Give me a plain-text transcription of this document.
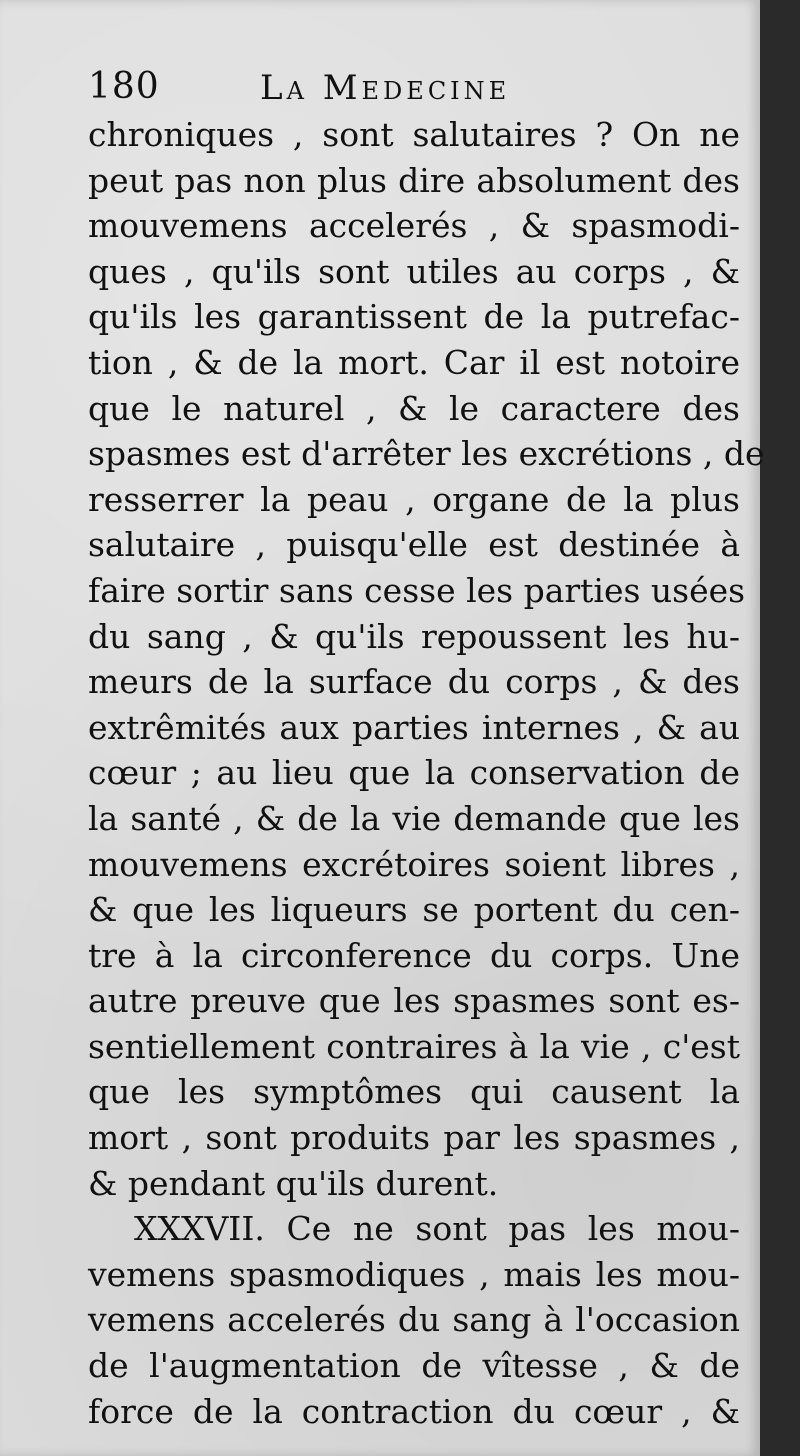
180	La Medecine
chroniques , sont salutaires ? On ne
peut pas non plus dire absolument des
mouvemens accelerés , & spasmodi-
ques , qu'ils sont utiles au corps , &
qu'ils les garantissent de la putrefac-
tion , & de la mort. Car il est notoire
que le naturel , & le caractere des
spasmes est d'arrêter les excrétions , de
resserrer la peau , organe de la plus
salutaire , puisqu'elle est destinée à
faire sortir sans cesse les parties usées
du sang , & qu'ils repoussent les hu-
meurs de la surface du corps , & des
extrêmités aux parties internes , & au
cœur ; au lieu que la conservation de
la santé , & de la vie demande que les
mouvemens excrétoires soient libres ,
& que les liqueurs se portent du cen-
tre à la circonference du corps. Une
autre preuve que les spasmes sont es-
sentiellement contraires à la vie , c'est
que les symptômes qui causent la
mort , sont produits par les spasmes ,
& pendant qu'ils durent.
XXXVII. Ce ne sont pas les mou-
vemens spasmodiques , mais les mou-
vemens accelerés du sang à l'occasion
de l'augmentation de vîtesse , & de
force de la contraction du cœur , &
